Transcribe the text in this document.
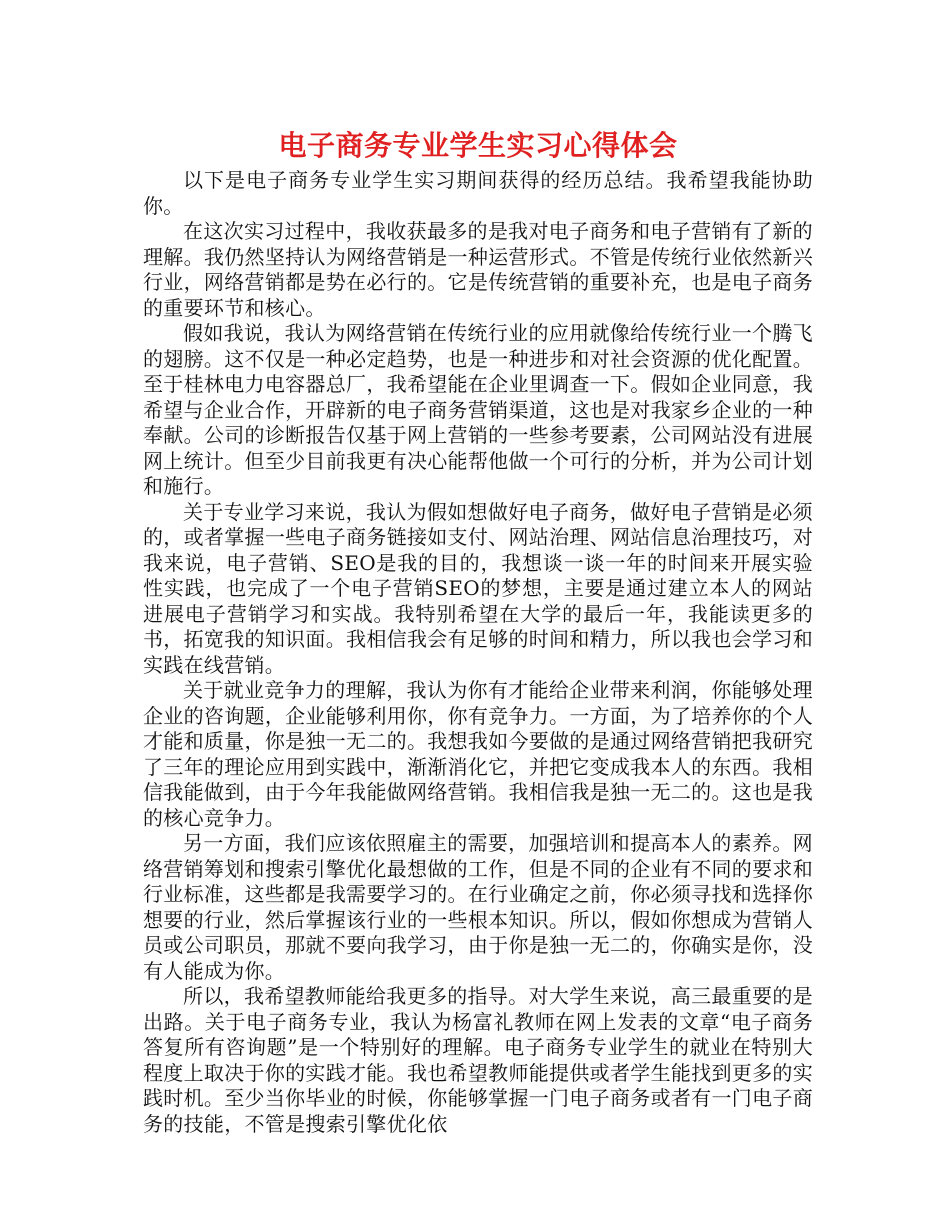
电子商务专业学生实习心得体会

以下是电子商务专业学生实习期间获得的经历总结。我希望我能协助你。

在这次实习过程中，我收获最多的是我对电子商务和电子营销有了新的理解。我仍然坚持认为网络营销是一种运营形式。不管是传统行业依然新兴行业，网络营销都是势在必行的。它是传统营销的重要补充，也是电子商务的重要环节和核心。

假如我说，我认为网络营销在传统行业的应用就像给传统行业一个腾飞的翅膀。这不仅是一种必定趋势，也是一种进步和对社会资源的优化配置。至于桂林电力电容器总厂，我希望能在企业里调查一下。假如企业同意，我希望与企业合作，开辟新的电子商务营销渠道，这也是对我家乡企业的一种奉献。公司的诊断报告仅基于网上营销的一些参考要素，公司网站没有进展网上统计。但至少目前我更有决心能帮他做一个可行的分析，并为公司计划和施行。

关于专业学习来说，我认为假如想做好电子商务，做好电子营销是必须的，或者掌握一些电子商务链接如支付、网站治理、网站信息治理技巧，对我来说，电子营销、SEO是我的目的，我想谈一谈一年的时间来开展实验性实践，也完成了一个电子营销SEO的梦想，主要是通过建立本人的网站进展电子营销学习和实战。我特别希望在大学的最后一年，我能读更多的书，拓宽我的知识面。我相信我会有足够的时间和精力，所以我也会学习和实践在线营销。

关于就业竞争力的理解，我认为你有才能给企业带来利润，你能够处理企业的咨询题，企业能够利用你，你有竞争力。一方面，为了培养你的个人才能和质量，你是独一无二的。我想我如今要做的是通过网络营销把我研究了三年的理论应用到实践中，渐渐消化它，并把它变成我本人的东西。我相信我能做到，由于今年我能做网络营销。我相信我是独一无二的。这也是我的核心竞争力。

另一方面，我们应该依照雇主的需要，加强培训和提高本人的素养。网络营销筹划和搜索引擎优化最想做的工作，但是不同的企业有不同的要求和行业标准，这些都是我需要学习的。在行业确定之前，你必须寻找和选择你想要的行业，然后掌握该行业的一些根本知识。所以，假如你想成为营销人员或公司职员，那就不要向我学习，由于你是独一无二的，你确实是你，没有人能成为你。

所以，我希望教师能给我更多的指导。对大学生来说，高三最重要的是出路。关于电子商务专业，我认为杨富礼教师在网上发表的文章“电子商务答复所有咨询题”是一个特别好的理解。电子商务专业学生的就业在特别大程度上取决于你的实践才能。我也希望教师能提供或者学生能找到更多的实践时机。至少当你毕业的时候，你能够掌握一门电子商务或者有一门电子商务的技能，不管是搜索引擎优化依
